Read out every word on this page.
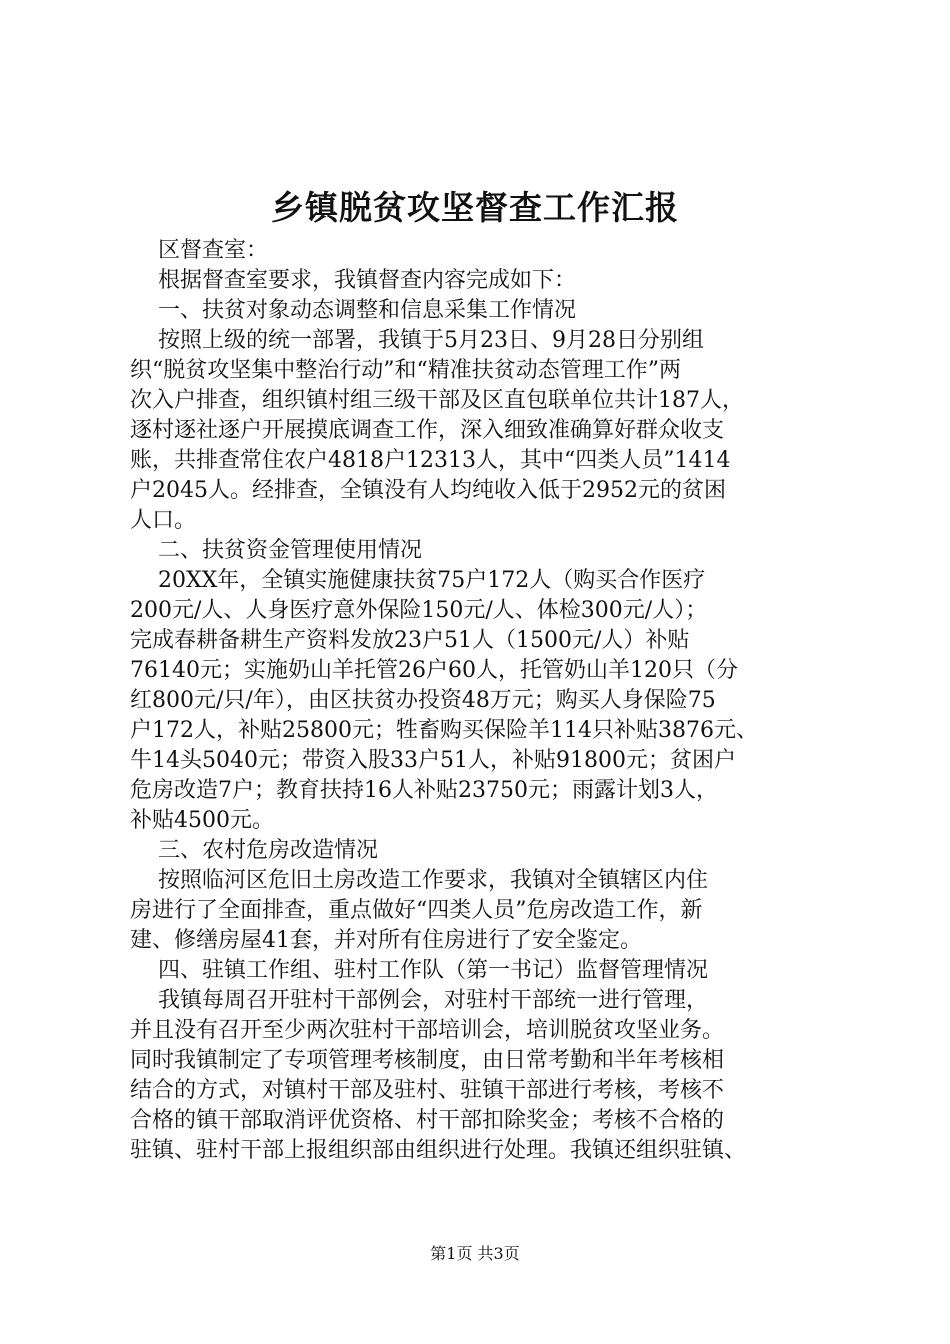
乡镇脱贫攻坚督查工作汇报
区督查室：
根据督查室要求，我镇督查内容完成如下：
一、扶贫对象动态调整和信息采集工作情况
按照上级的统一部署，我镇于5月23日、9月28日分别组
织“脱贫攻坚集中整治行动”和“精准扶贫动态管理工作”两
次入户排查，组织镇村组三级干部及区直包联单位共计187人，
逐村逐社逐户开展摸底调查工作，深入细致准确算好群众收支
账，共排查常住农户4818户12313人，其中“四类人员”1414
户2045人。经排查，全镇没有人均纯收入低于2952元的贫困
人口。
二、扶贫资金管理使用情况
20XX年，全镇实施健康扶贫75户172人（购买合作医疗
200元/人、人身医疗意外保险150元/人、体检300元/人）；
完成春耕备耕生产资料发放23户51人（1500元/人）补贴
76140元；实施奶山羊托管26户60人，托管奶山羊120只（分
红800元/只/年），由区扶贫办投资48万元；购买人身保险75
户172人，补贴25800元；牲畜购买保险羊114只补贴3876元、
牛14头5040元；带资入股33户51人，补贴91800元；贫困户
危房改造7户；教育扶持16人补贴23750元；雨露计划3人，
补贴4500元。
三、农村危房改造情况
按照临河区危旧土房改造工作要求，我镇对全镇辖区内住
房进行了全面排查，重点做好“四类人员”危房改造工作，新
建、修缮房屋41套，并对所有住房进行了安全鉴定。
四、驻镇工作组、驻村工作队（第一书记）监督管理情况
我镇每周召开驻村干部例会，对驻村干部统一进行管理，
并且没有召开至少两次驻村干部培训会，培训脱贫攻坚业务。
同时我镇制定了专项管理考核制度，由日常考勤和半年考核相
结合的方式，对镇村干部及驻村、驻镇干部进行考核，考核不
合格的镇干部取消评优资格、村干部扣除奖金；考核不合格的
驻镇、驻村干部上报组织部由组织进行处理。我镇还组织驻镇、
第1页 共3页
